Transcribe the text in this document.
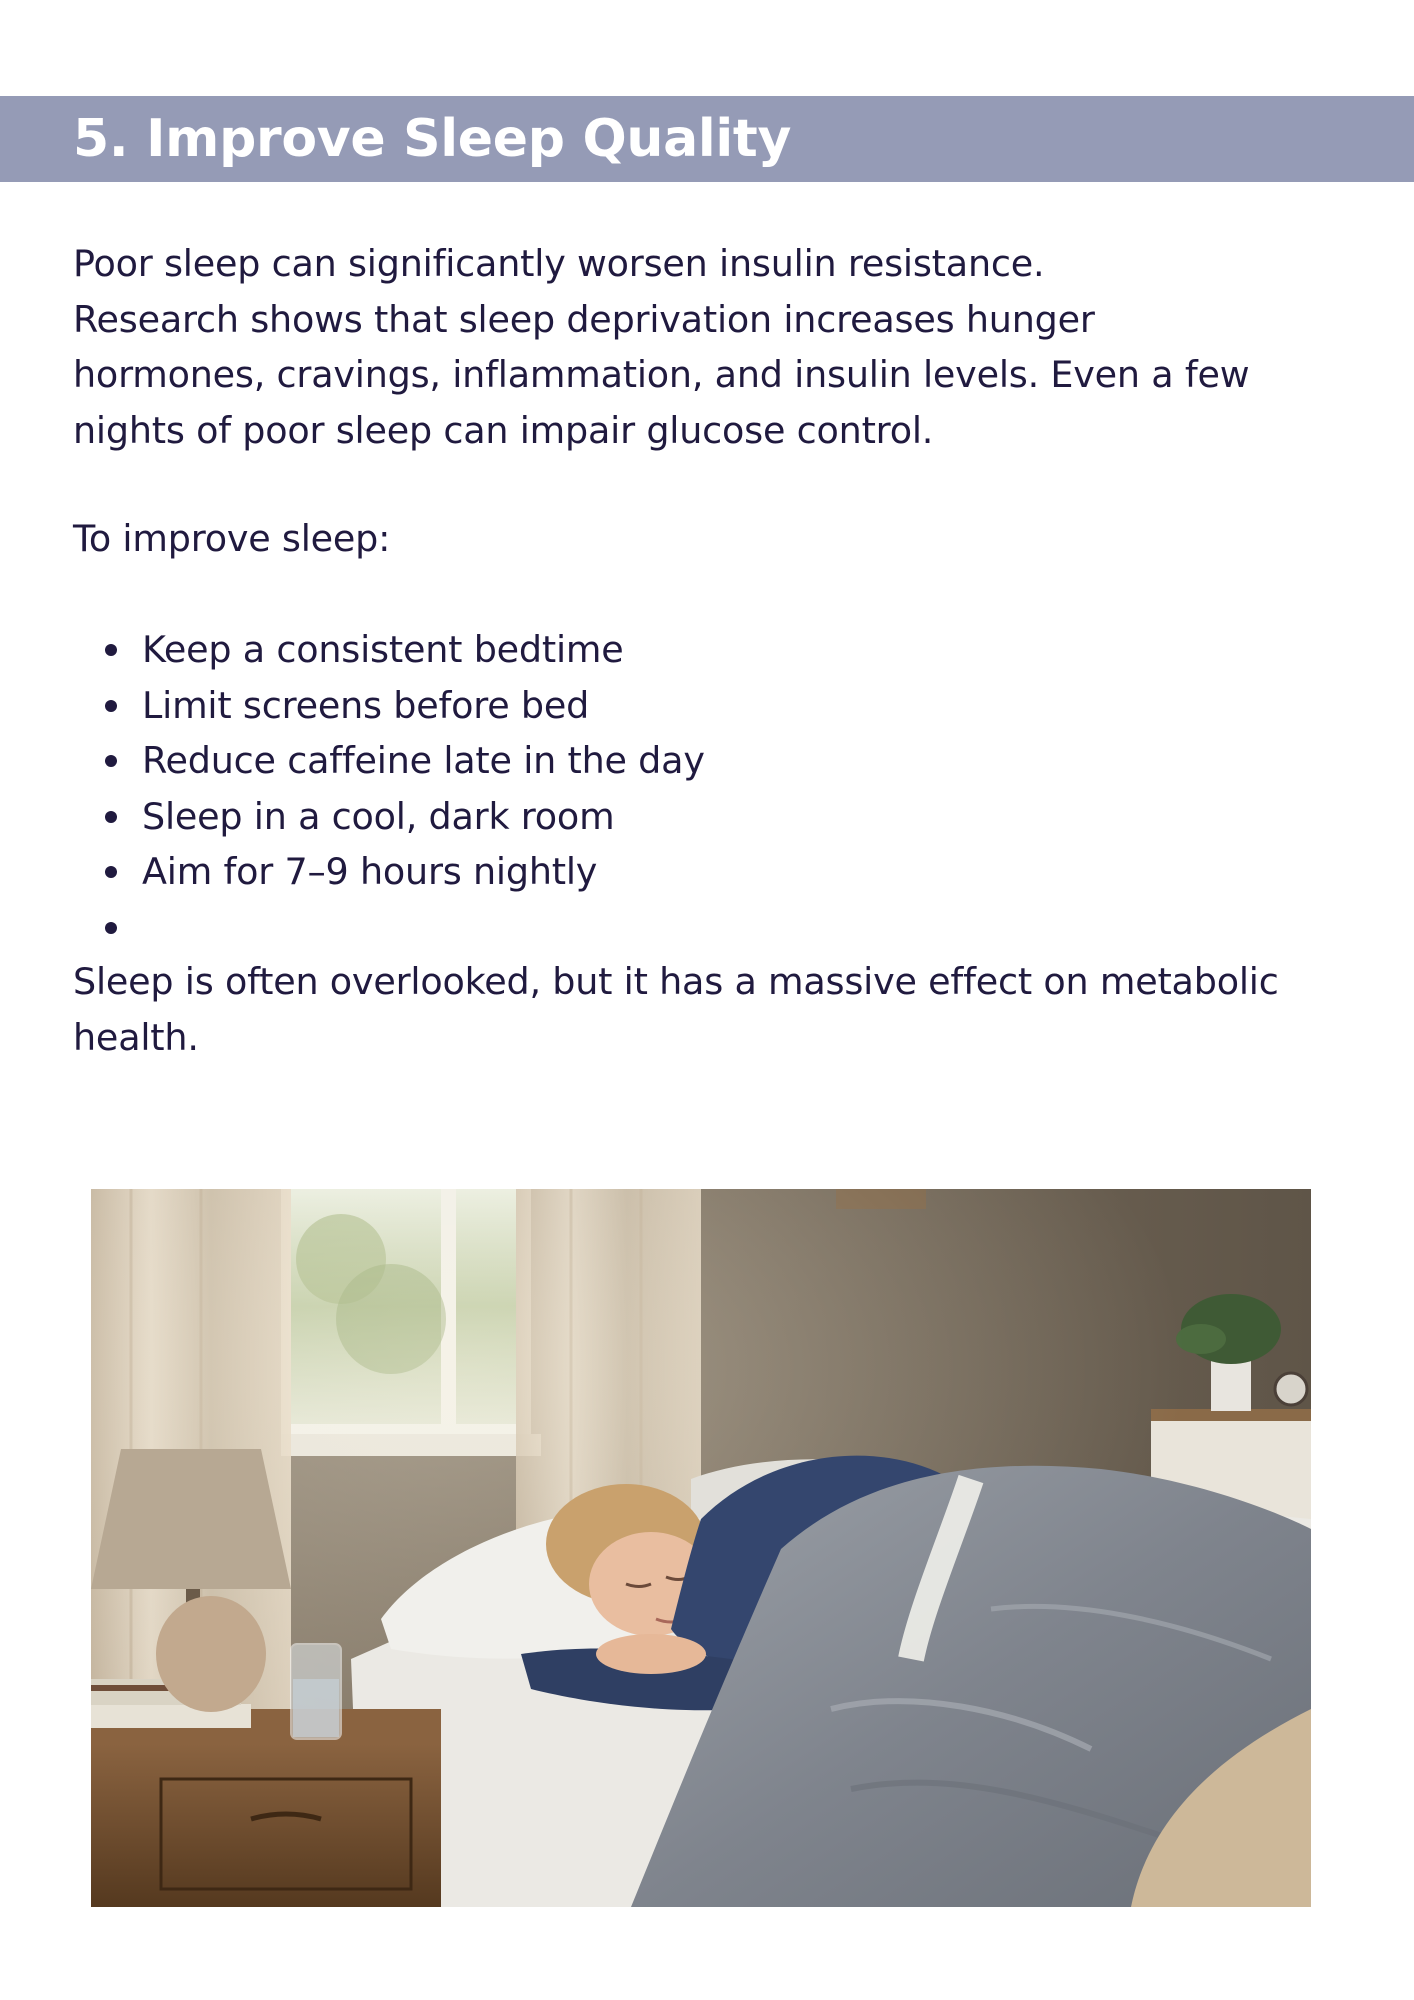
5. Improve Sleep Quality

Poor sleep can significantly worsen insulin resistance.
Research shows that sleep deprivation increases hunger
hormones, cravings, inflammation, and insulin levels. Even a few
nights of poor sleep can impair glucose control.

To improve sleep:

Keep a consistent bedtime
Limit screens before bed
Reduce caffeine late in the day
Sleep in a cool, dark room
Aim for 7–9 hours nightly

Sleep is often overlooked, but it has a massive effect on metabolic
health.
